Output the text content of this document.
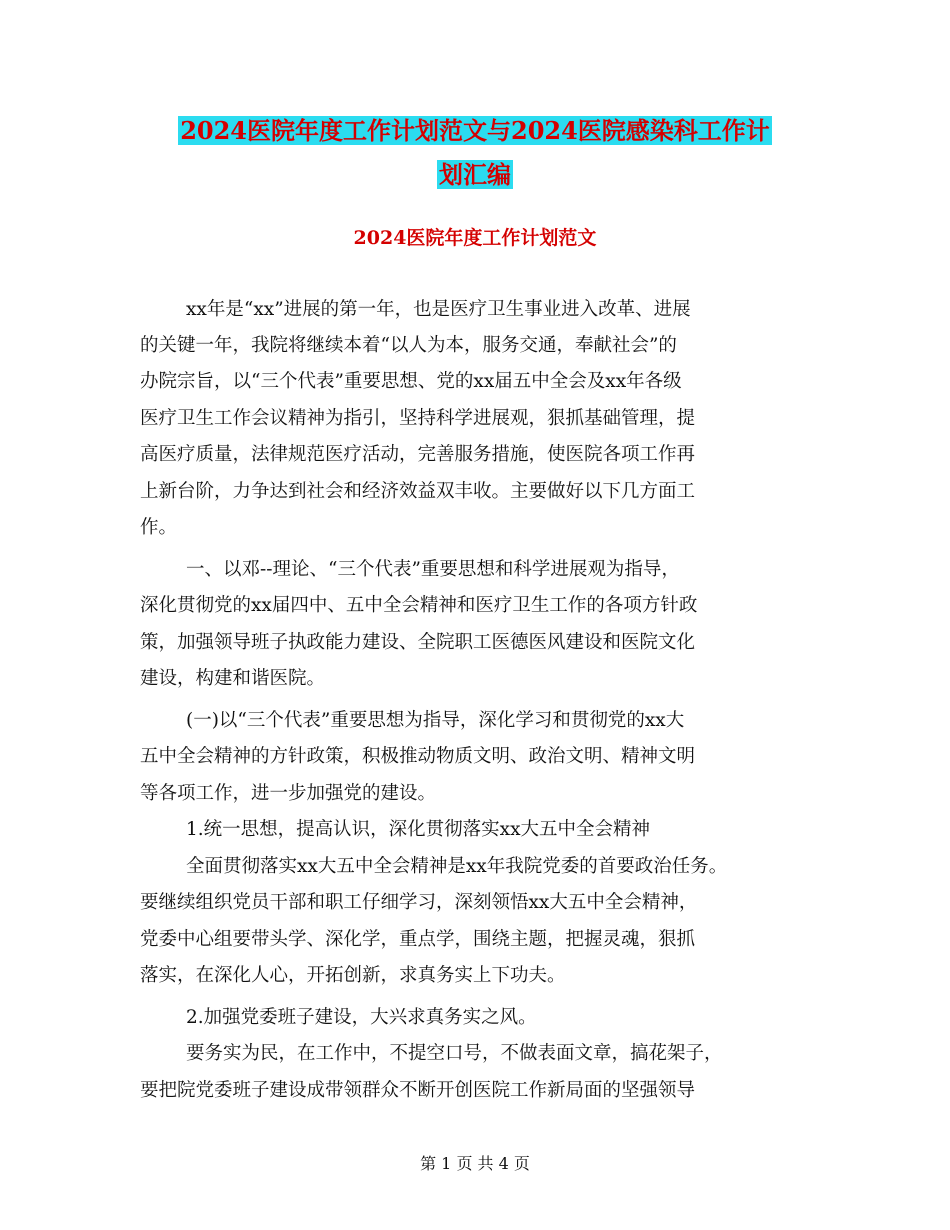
2024医院年度工作计划范文与2024医院感染科工作计
划汇编
2024医院年度工作计划范文
xx年是“xx”进展的第一年，也是医疗卫生事业进入改革、进展
的关键一年，我院将继续本着“以人为本，服务交通，奉献社会”的
办院宗旨，以“三个代表”重要思想、党的xx届五中全会及xx年各级
医疗卫生工作会议精神为指引，坚持科学进展观，狠抓基础管理，提
高医疗质量，法律规范医疗活动，完善服务措施，使医院各项工作再
上新台阶，力争达到社会和经济效益双丰收。主要做好以下几方面工
作。
一、以邓--理论、“三个代表”重要思想和科学进展观为指导，
深化贯彻党的xx届四中、五中全会精神和医疗卫生工作的各项方针政
策，加强领导班子执政能力建设、全院职工医德医风建设和医院文化
建设，构建和谐医院。
(一)以“三个代表”重要思想为指导，深化学习和贯彻党的xx大
五中全会精神的方针政策，积极推动物质文明、政治文明、精神文明
等各项工作，进一步加强党的建设。
1.统一思想，提高认识，深化贯彻落实xx大五中全会精神
全面贯彻落实xx大五中全会精神是xx年我院党委的首要政治任务。
要继续组织党员干部和职工仔细学习，深刻领悟xx大五中全会精神，
党委中心组要带头学、深化学，重点学，围绕主题，把握灵魂，狠抓
落实，在深化人心，开拓创新，求真务实上下功夫。
2.加强党委班子建设，大兴求真务实之风。
要务实为民，在工作中，不提空口号，不做表面文章，搞花架子，
要把院党委班子建设成带领群众不断开创医院工作新局面的坚强领导
第 1 页 共 4 页
